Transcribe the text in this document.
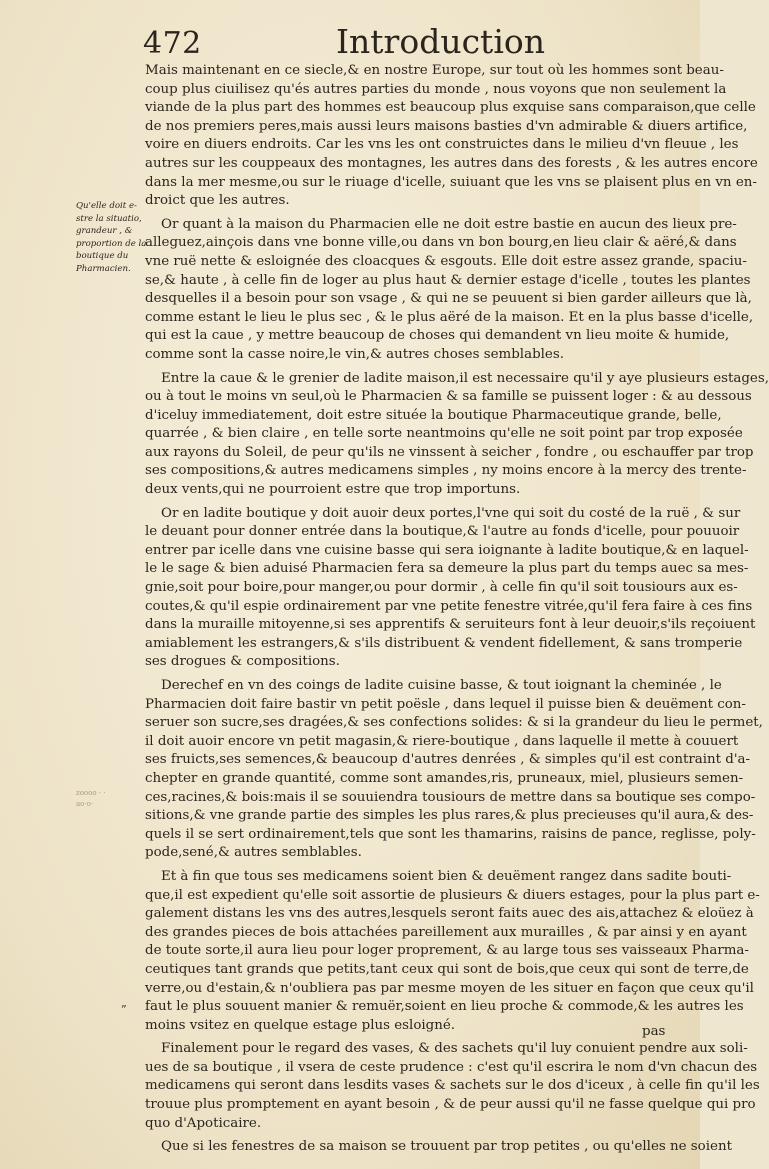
472	Introduction
Qu'elle doit e-
stre la situatio,
grandeur , &
proportion de la
boutique du
Pharmacien.
zoooo · ·
ao·o·
”
Mais maintenant en ce siecle,& en nostre Europe, sur tout où les hommes sont beau-
coup plus ciuilisez qu'és autres parties du monde , nous voyons que non seulement la
viande de la plus part des hommes est beaucoup plus exquise sans comparaison,que celle
de nos premiers peres,mais aussi leurs maisons basties d'vn admirable & diuers artifice,
voire en diuers endroits. Car les vns les ont construictes dans le milieu d'vn fleuue , les
autres sur les couppeaux des montagnes, les autres dans des forests , & les autres encore
dans la mer mesme,ou sur le riuage d'icelle, suiuant que les vns se plaisent plus en vn en-
droict que les autres.
Or quant à la maison du Pharmacien elle ne doit estre bastie en aucun des lieux pre-
alleguez,ainçois dans vne bonne ville,ou dans vn bon bourg,en lieu clair & aëré,& dans
vne ruë nette & esloignée des cloacques & esgouts. Elle doit estre assez grande, spaciu-
se,& haute , à celle fin de loger au plus haut & dernier estage d'icelle , toutes les plantes
desquelles il a besoin pour son vsage , & qui ne se peuuent si bien garder ailleurs que là,
comme estant le lieu le plus sec , & le plus aëré de la maison. Et en la plus basse d'icelle,
qui est la caue , y mettre beaucoup de choses qui demandent vn lieu moite & humide,
comme sont la casse noire,le vin,& autres choses semblables.
Entre la caue & le grenier de ladite maison,il est necessaire qu'il y aye plusieurs estages,
ou à tout le moins vn seul,où le Pharmacien & sa famille se puissent loger : & au dessous
d'iceluy immediatement, doit estre située la boutique Pharmaceutique grande, belle,
quarrée , & bien claire , en telle sorte neantmoins qu'elle ne soit point par trop exposée
aux rayons du Soleil, de peur qu'ils ne vinssent à seicher , fondre , ou eschauffer par trop
ses compositions,& autres medicamens simples , ny moins encore à la mercy des trente-
deux vents,qui ne pourroient estre que trop importuns.
Or en ladite boutique y doit auoir deux portes,l'vne qui soit du costé de la ruë , & sur
le deuant pour donner entrée dans la boutique,& l'autre au fonds d'icelle, pour pouuoir
entrer par icelle dans vne cuisine basse qui sera ioignante à ladite boutique,& en laquel-
le le sage & bien aduisé Pharmacien fera sa demeure la plus part du temps auec sa mes-
gnie,soit pour boire,pour manger,ou pour dormir , à celle fin qu'il soit tousiours aux es-
coutes,& qu'il espie ordinairement par vne petite fenestre vitrée,qu'il fera faire à ces fins
dans la muraille mitoyenne,si ses apprentifs & seruiteurs font à leur deuoir,s'ils reçoiuent
amiablement les estrangers,& s'ils distribuent & vendent fidellement, & sans tromperie
ses drogues & compositions.
Derechef en vn des coings de ladite cuisine basse, & tout ioignant la cheminée , le
Pharmacien doit faire bastir vn petit poësle , dans lequel il puisse bien & deuëment con-
seruer son sucre,ses dragées,& ses confections solides: & si la grandeur du lieu le permet,
il doit auoir encore vn petit magasin,& riere-boutique , dans laquelle il mette à couuert
ses fruicts,ses semences,& beaucoup d'autres denrées , & simples qu'il est contraint d'a-
chepter en grande quantité, comme sont amandes,ris, pruneaux, miel, plusieurs semen-
ces,racines,& bois:mais il se souuiendra tousiours de mettre dans sa boutique ses compo-
sitions,& vne grande partie des simples les plus rares,& plus precieuses qu'il aura,& des-
quels il se sert ordinairement,tels que sont les thamarins, raisins de pance, reglisse, poly-
pode,sené,& autres semblables.
Et à fin que tous ses medicamens soient bien & deuëment rangez dans sadite bouti-
que,il est expedient qu'elle soit assortie de plusieurs & diuers estages, pour la plus part e-
galement distans les vns des autres,lesquels seront faits auec des ais,attachez & eloüez à
des grandes pieces de bois attachées pareillement aux murailles , & par ainsi y en ayant
de toute sorte,il aura lieu pour loger proprement, & au large tous ses vaisseaux Pharma-
ceutiques tant grands que petits,tant ceux qui sont de bois,que ceux qui sont de terre,de
verre,ou d'estain,& n'oubliera pas par mesme moyen de les situer en façon que ceux qu'il
faut le plus souuent manier & remuër,soient en lieu proche & commode,& les autres les
moins vsitez en quelque estage plus esloigné.
Finalement pour le regard des vases, & des sachets qu'il luy conuient pendre aux soli-
ues de sa boutique , il vsera de ceste prudence : c'est qu'il escrira le nom d'vn chacun des
medicamens qui seront dans lesdits vases & sachets sur le dos d'iceux , à celle fin qu'il les
trouue plus promptement en ayant besoin , & de peur aussi qu'il ne fasse quelque qui pro
quo d'Apoticaire.
Que si les fenestres de sa maison se trouuent par trop petites , ou qu'elles ne soient
pas
